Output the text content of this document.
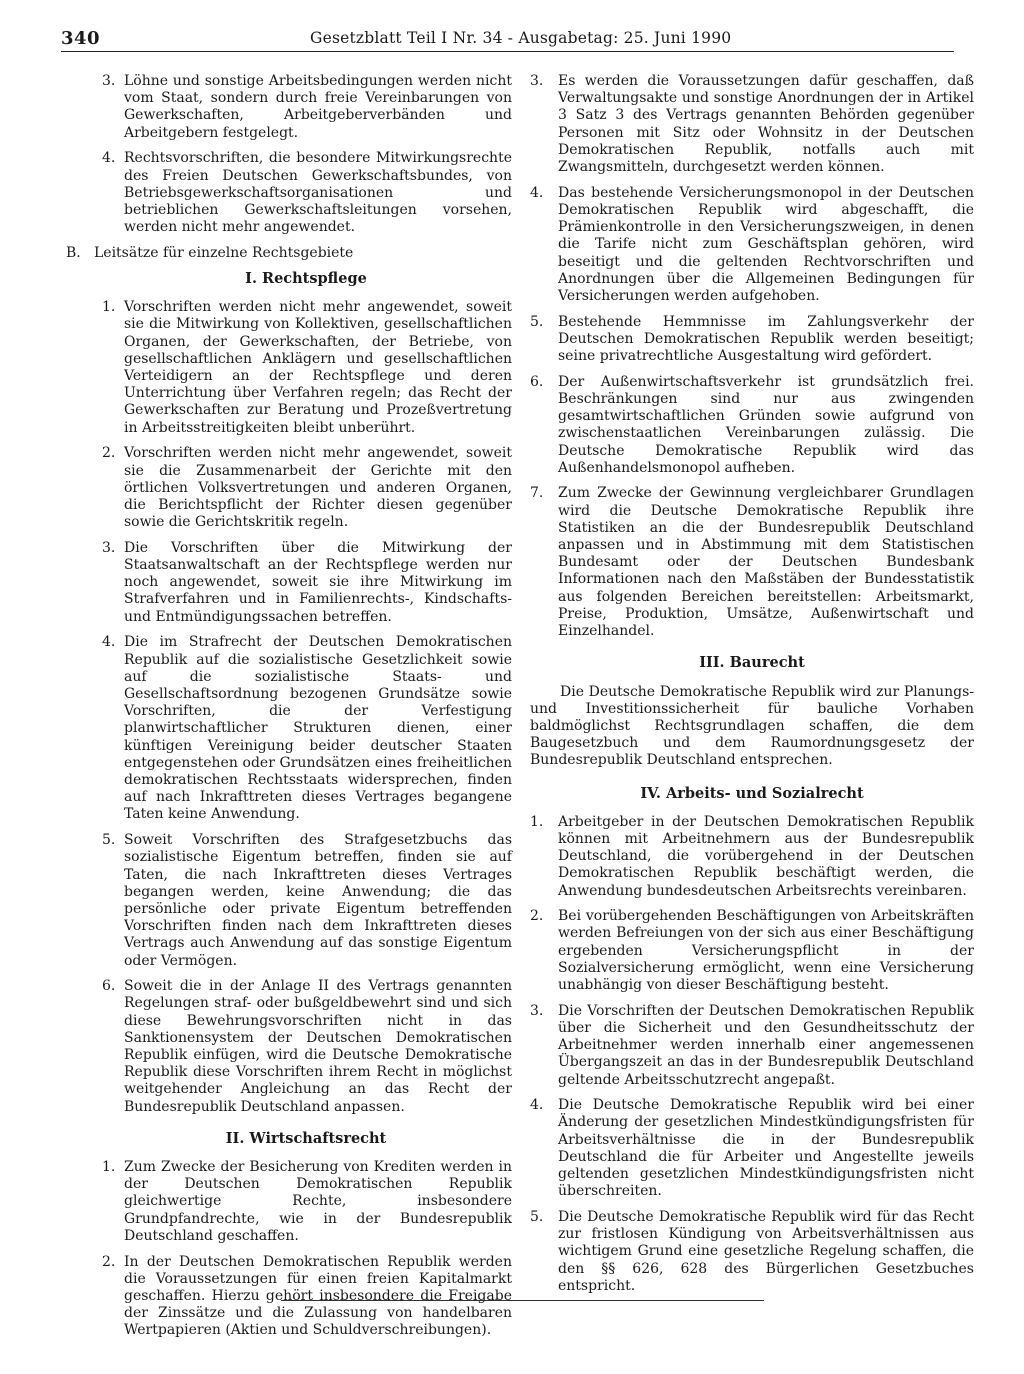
340	Gesetzblatt Teil I Nr. 34 - Ausgabetag: 25. Juni 1990
3. Löhne und sonstige Arbeitsbedingungen werden nicht vom Staat, sondern durch freie Vereinbarungen von Gewerkschaften, Arbeitgeberverbänden und Arbeitgebern festgelegt.
4. Rechtsvorschriften, die besondere Mitwirkungsrechte des Freien Deutschen Gewerkschaftsbundes, von Betriebsgewerkschaftsorganisationen und betrieblichen Gewerkschaftsleitungen vorsehen, werden nicht mehr angewendet.
B. Leitsätze für einzelne Rechtsgebiete
I. Rechtspflege
1. Vorschriften werden nicht mehr angewendet, soweit sie die Mitwirkung von Kollektiven, gesellschaftlichen Organen, der Gewerkschaften, der Betriebe, von gesellschaftlichen Anklägern und gesellschaftlichen Verteidigern an der Rechtspflege und deren Unterrichtung über Verfahren regeln; das Recht der Gewerkschaften zur Beratung und Prozeßvertretung in Arbeitsstreitigkeiten bleibt unberührt.
2. Vorschriften werden nicht mehr angewendet, soweit sie die Zusammenarbeit der Gerichte mit den örtlichen Volksvertretungen und anderen Organen, die Berichtspflicht der Richter diesen gegenüber sowie die Gerichtskritik regeln.
3. Die Vorschriften über die Mitwirkung der Staatsanwaltschaft an der Rechtspflege werden nur noch angewendet, soweit sie ihre Mitwirkung im Strafverfahren und in Familienrechts-, Kindschafts- und Entmündigungssachen betreffen.
4. Die im Strafrecht der Deutschen Demokratischen Republik auf die sozialistische Gesetzlichkeit sowie auf die sozialistische Staats- und Gesellschaftsordnung bezogenen Grundsätze sowie Vorschriften, die der Verfestigung planwirtschaftlicher Strukturen dienen, einer künftigen Vereinigung beider deutscher Staaten entgegenstehen oder Grundsätzen eines freiheitlichen demokratischen Rechtsstaats widersprechen, finden auf nach Inkrafttreten dieses Vertrages begangene Taten keine Anwendung.
5. Soweit Vorschriften des Strafgesetzbuchs das sozialistische Eigentum betreffen, finden sie auf Taten, die nach Inkrafttreten dieses Vertrages begangen werden, keine Anwendung; die das persönliche oder private Eigentum betreffenden Vorschriften finden nach dem Inkrafttreten dieses Vertrags auch Anwendung auf das sonstige Eigentum oder Vermögen.
6. Soweit die in der Anlage II des Vertrags genannten Regelungen straf- oder bußgeldbewehrt sind und sich diese Bewehrungsvorschriften nicht in das Sanktionensystem der Deutschen Demokratischen Republik einfügen, wird die Deutsche Demokratische Republik diese Vorschriften ihrem Recht in möglichst weitgehender Angleichung an das Recht der Bundesrepublik Deutschland anpassen.
II. Wirtschaftsrecht
1. Zum Zwecke der Besicherung von Krediten werden in der Deutschen Demokratischen Republik gleichwertige Rechte, insbesondere Grundpfandrechte, wie in der Bundesrepublik Deutschland geschaffen.
2. In der Deutschen Demokratischen Republik werden die Voraussetzungen für einen freien Kapitalmarkt geschaffen. Hierzu gehört insbesondere die Freigabe der Zinssätze und die Zulassung von handelbaren Wertpapieren (Aktien und Schuldverschreibungen).
3. Es werden die Voraussetzungen dafür geschaffen, daß Verwaltungsakte und sonstige Anordnungen der in Artikel 3 Satz 3 des Vertrags genannten Behörden gegenüber Personen mit Sitz oder Wohnsitz in der Deutschen Demokratischen Republik, notfalls auch mit Zwangsmitteln, durchgesetzt werden können.
4. Das bestehende Versicherungsmonopol in der Deutschen Demokratischen Republik wird abgeschafft, die Prämienkontrolle in den Versicherungszweigen, in denen die Tarife nicht zum Geschäftsplan gehören, wird beseitigt und die geltenden Rechtvorschriften und Anordnungen über die Allgemeinen Bedingungen für Versicherungen werden aufgehoben.
5. Bestehende Hemmnisse im Zahlungsverkehr der Deutschen Demokratischen Republik werden beseitigt; seine privatrechtliche Ausgestaltung wird gefördert.
6. Der Außenwirtschaftsverkehr ist grundsätzlich frei. Beschränkungen sind nur aus zwingenden gesamtwirtschaftlichen Gründen sowie aufgrund von zwischenstaatlichen Vereinbarungen zulässig. Die Deutsche Demokratische Republik wird das Außenhandelsmonopol aufheben.
7. Zum Zwecke der Gewinnung vergleichbarer Grundlagen wird die Deutsche Demokratische Republik ihre Statistiken an die der Bundesrepublik Deutschland anpassen und in Abstimmung mit dem Statistischen Bundesamt oder der Deutschen Bundesbank Informationen nach den Maßstäben der Bundesstatistik aus folgenden Bereichen bereitstellen: Arbeitsmarkt, Preise, Produktion, Umsätze, Außenwirtschaft und Einzelhandel.
III. Baurecht

Die Deutsche Demokratische Republik wird zur Planungs- und Investitionssicherheit für bauliche Vorhaben baldmöglichst Rechtsgrundlagen schaffen, die dem Baugesetzbuch und dem Raumordnungsgesetz der Bundesrepublik Deutschland entsprechen.

IV. Arbeits- und Sozialrecht
1. Arbeitgeber in der Deutschen Demokratischen Republik können mit Arbeitnehmern aus der Bundesrepublik Deutschland, die vorübergehend in der Deutschen Demokratischen Republik beschäftigt werden, die Anwendung bundesdeutschen Arbeitsrechts vereinbaren.
2. Bei vorübergehenden Beschäftigungen von Arbeitskräften werden Befreiungen von der sich aus einer Beschäftigung ergebenden Versicherungspflicht in der Sozialversicherung ermöglicht, wenn eine Versicherung unabhängig von dieser Beschäftigung besteht.
3. Die Vorschriften der Deutschen Demokratischen Republik über die Sicherheit und den Gesundheitsschutz der Arbeitnehmer werden innerhalb einer angemessenen Übergangszeit an das in der Bundesrepublik Deutschland geltende Arbeitsschutzrecht angepaßt.
4. Die Deutsche Demokratische Republik wird bei einer Änderung der gesetzlichen Mindestkündigungsfristen für Arbeitsverhältnisse die in der Bundesrepublik Deutschland die für Arbeiter und Angestellte jeweils geltenden gesetzlichen Mindestkündigungsfristen nicht überschreiten.
5. Die Deutsche Demokratische Republik wird für das Recht zur fristlosen Kündigung von Arbeitsverhältnissen aus wichtigem Grund eine gesetzliche Regelung schaffen, die den §§ 626, 628 des Bürgerlichen Gesetzbuches entspricht.
